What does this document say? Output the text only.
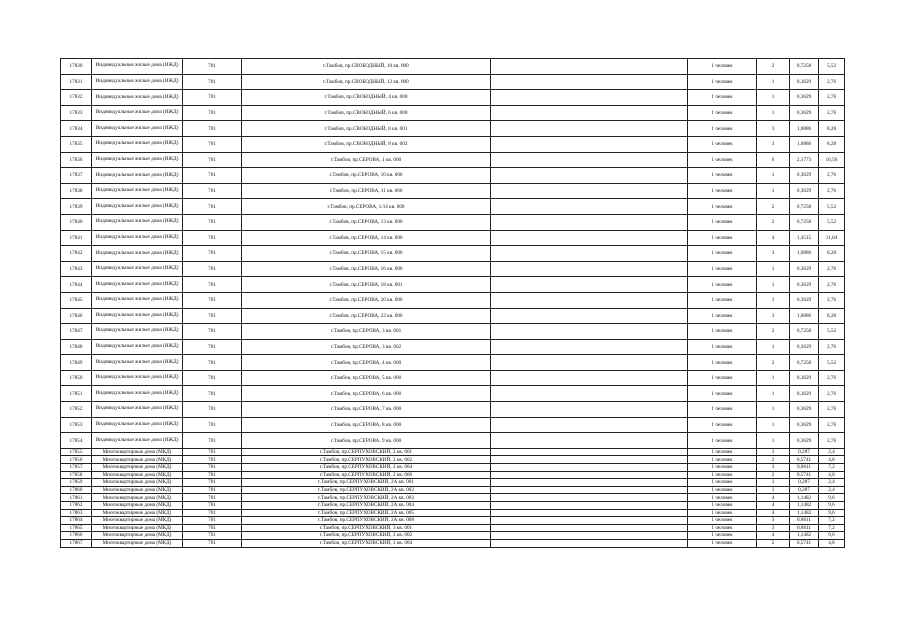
17830	Индивидуальные жилые дома (ИЖД)	701	г.Тамбов, пр.СВОБОДНЫЙ, 10 кв. 000		1 человек	2	0,7258	5,52
17831	Индивидуальные жилые дома (ИЖД)	701	г.Тамбов, пр.СВОБОДНЫЙ, 12 кв. 000		1 человек	1	0,3629	2,76
17832	Индивидуальные жилые дома (ИЖД)	701	г.Тамбов, пр.СВОБОДНЫЙ, 4 кв. 000		1 человек	1	0,3629	2,76
17833	Индивидуальные жилые дома (ИЖД)	701	г.Тамбов, пр.СВОБОДНЫЙ, 6 кв. 000		1 человек	1	0,3629	2,76
17834	Индивидуальные жилые дома (ИЖД)	701	г.Тамбов, пр.СВОБОДНЫЙ, 8 кв. 001		1 человек	3	1,0886	8,28
17835	Индивидуальные жилые дома (ИЖД)	701	г.Тамбов, пр.СВОБОДНЫЙ, 8 кв. 002		1 человек	3	1,0886	8,28
17836	Индивидуальные жилые дома (ИЖД)	701	г.Тамбов, пр.СЕРОВА, 1 кв. 000		1 человек	6	2,1773	16,56
17837	Индивидуальные жилые дома (ИЖД)	701	г.Тамбов, пр.СЕРОВА, 10 кв. 000		1 человек	1	0,3629	2,76
17838	Индивидуальные жилые дома (ИЖД)	701	г.Тамбов, пр.СЕРОВА, 11 кв. 000		1 человек	1	0,3629	2,76
17839	Индивидуальные жилые дома (ИЖД)	701	г.Тамбов, пр.СЕРОВА, 1/14 кв. 000		1 человек	2	0,7258	5,52
17840	Индивидуальные жилые дома (ИЖД)	701	г.Тамбов, пр.СЕРОВА, 13 кв. 000		1 человек	2	0,7258	5,52
17841	Индивидуальные жилые дома (ИЖД)	701	г.Тамбов, пр.СЕРОВА, 14 кв. 000		1 человек	4	1,4515	11,04
17842	Индивидуальные жилые дома (ИЖД)	701	г.Тамбов, пр.СЕРОВА, 15 кв. 000		1 человек	3	1,0886	8,28
17843	Индивидуальные жилые дома (ИЖД)	701	г.Тамбов, пр.СЕРОВА, 16 кв. 000		1 человек	1	0,3629	2,76
17844	Индивидуальные жилые дома (ИЖД)	701	г.Тамбов, пр.СЕРОВА, 18 кв. 001		1 человек	1	0,3629	2,76
17845	Индивидуальные жилые дома (ИЖД)	701	г.Тамбов, пр.СЕРОВА, 20 кв. 000		1 человек	1	0,3629	2,76
17846	Индивидуальные жилые дома (ИЖД)	701	г.Тамбов, пр.СЕРОВА, 22 кв. 000		1 человек	3	1,0886	8,28
17847	Индивидуальные жилые дома (ИЖД)	701	г.Тамбов, пр.СЕРОВА, 3 кв. 001		1 человек	2	0,7258	5,52
17848	Индивидуальные жилые дома (ИЖД)	701	г.Тамбов, пр.СЕРОВА, 3 кв. 002		1 человек	1	0,3629	2,76
17849	Индивидуальные жилые дома (ИЖД)	701	г.Тамбов, пр.СЕРОВА, 4 кв. 000		1 человек	2	0,7258	5,52
17850	Индивидуальные жилые дома (ИЖД)	701	г.Тамбов, пр.СЕРОВА, 5 кв. 000		1 человек	1	0,3629	2,76
17851	Индивидуальные жилые дома (ИЖД)	701	г.Тамбов, пр.СЕРОВА, 6 кв. 000		1 человек	1	0,3629	2,76
17852	Индивидуальные жилые дома (ИЖД)	701	г.Тамбов, пр.СЕРОВА, 7 кв. 000		1 человек	1	0,3629	2,76
17853	Индивидуальные жилые дома (ИЖД)	701	г.Тамбов, пр.СЕРОВА, 8 кв. 000		1 человек	1	0,3629	2,76
17854	Индивидуальные жилые дома (ИЖД)	701	г.Тамбов, пр.СЕРОВА, 9 кв. 000		1 человек	1	0,3629	2,76
17855	Многоквартирные дома (МКД)	701	г.Тамбов, пр.СЕРПУХОВСКИЙ, 2 кв. 001		1 человек	1	0,287	2,4
17856	Многоквартирные дома (МКД)	701	г.Тамбов, пр.СЕРПУХОВСКИЙ, 2 кв. 002		1 человек	2	0,5741	4,8
17857	Многоквартирные дома (МКД)	701	г.Тамбов, пр.СЕРПУХОВСКИЙ, 2 кв. 004		1 человек	3	0,8611	7,2
17858	Многоквартирные дома (МКД)	701	г.Тамбов, пр.СЕРПУХОВСКИЙ, 2 кв. 006		1 человек	2	0,5741	4,8
17859	Многоквартирные дома (МКД)	701	г.Тамбов, пр.СЕРПУХОВСКИЙ, 2А кв. 001		1 человек	1	0,287	2,4
17860	Многоквартирные дома (МКД)	701	г.Тамбов, пр.СЕРПУХОВСКИЙ, 2А кв. 002		1 человек	1	0,287	2,4
17861	Многоквартирные дома (МКД)	701	г.Тамбов, пр.СЕРПУХОВСКИЙ, 2А кв. 003		1 человек	4	1,1482	9,6
17862	Многоквартирные дома (МКД)	701	г.Тамбов, пр.СЕРПУХОВСКИЙ, 2А кв. 004		1 человек	4	1,1482	9,6
17863	Многоквартирные дома (МКД)	701	г.Тамбов, пр.СЕРПУХОВСКИЙ, 2А кв. 005		1 человек	4	1,1482	9,6
17864	Многоквартирные дома (МКД)	701	г.Тамбов, пр.СЕРПУХОВСКИЙ, 2А кв. 008		1 человек	3	0,8611	7,2
17865	Многоквартирные дома (МКД)	701	г.Тамбов, пр.СЕРПУХОВСКИЙ, 3 кв. 001		1 человек	3	0,8611	7,2
17866	Многоквартирные дома (МКД)	701	г.Тамбов, пр.СЕРПУХОВСКИЙ, 3 кв. 002		1 человек	4	1,1482	9,6
17867	Многоквартирные дома (МКД)	701	г.Тамбов, пр.СЕРПУХОВСКИЙ, 3 кв. 004		1 человек	2	0,5741	4,8
